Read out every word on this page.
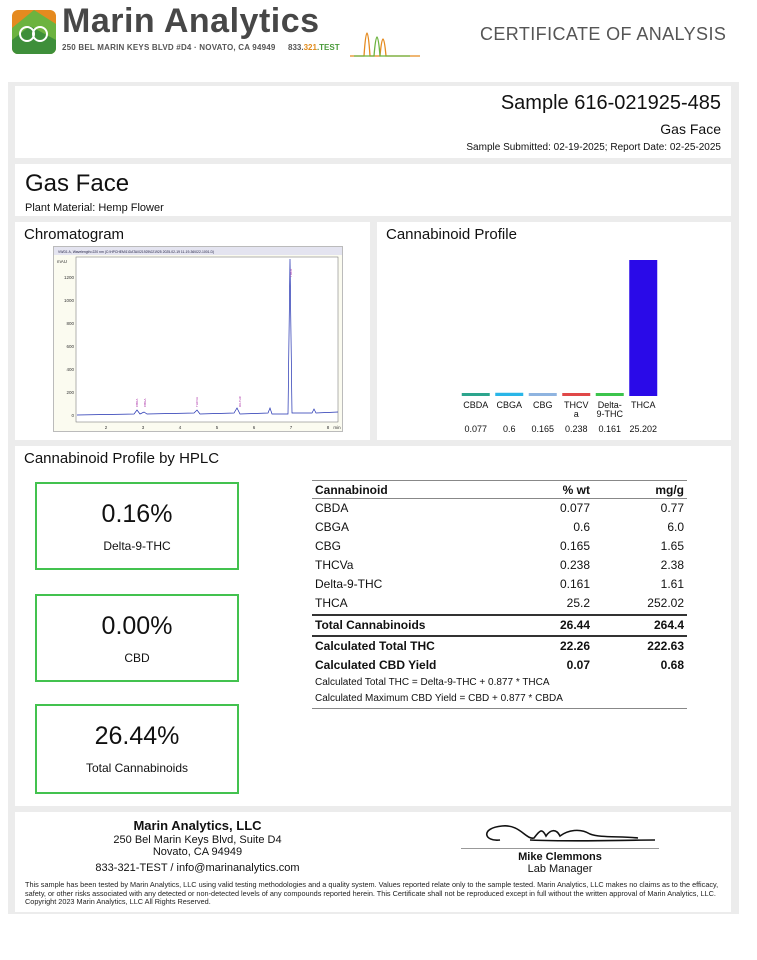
Marin Analytics
250 BEL MARIN KEYS BLVD #D4 · NOVATO, CA 94949 833.321.TEST
CERTIFICATE OF ANALYSIS
Sample 616-021925-485
Gas Face
Sample Submitted: 02-19-2025; Report Date: 02-25-2025
Gas Face
Plant Material: Hemp Flower
Chromatogram
VWD1 A, Wavelength=220 nm (C:\HPCHEM\1\DATA\021925\021925 2025-02-19 11-19-36\022-1001.D)
mAU
1200
1000
800
600
400
200
0
2	3	4	5	6	7	8 min
CBDA CBGA	THCVA	D9-THC
THCA
Cannabinoid Profile
CBDA CBGA CBG THCV
a
Delta-
9-THC
THCA
0.077 0.6 0.165 0.238 0.161 25.202
Cannabinoid Profile by HPLC
0.16%
Delta-9-THC
0.00%
CBD
26.44%
Total Cannabinoids
Cannabinoid	% wt	mg/g
CBDA	0.077	0.77
CBGA	0.6	6.0
CBG	0.165	1.65
THCVa	0.238	2.38
Delta-9-THC	0.161	1.61
THCA	25.2	252.02
Total Cannabinoids	26.44	264.4
Calculated Total THC	22.26	222.63
Calculated CBD Yield	0.07	0.68
Calculated Total THC = Delta-9-THC + 0.877 * THCA
Calculated Maximum CBD Yield = CBD + 0.877 * CBDA
Marin Analytics, LLC
250 Bel Marin Keys Blvd, Suite D4
Novato, CA 94949
833-321-TEST / info@marinanalytics.com
Mike Clemmons
Lab Manager
This sample has been tested by Marin Analytics, LLC using valid testing methodologies and a quality system. Values reported relate only to the sample tested. Marin Analytics, LLC makes no claims as to the efficacy, safety, or other risks associated with any detected or non-detected levels of any compounds reported herein. This Certificate shall not be reproduced except in full without the written approval of Marin Analytics, LLC. Copyright 2023 Marin Analytics, LLC All Rights Reserved.
